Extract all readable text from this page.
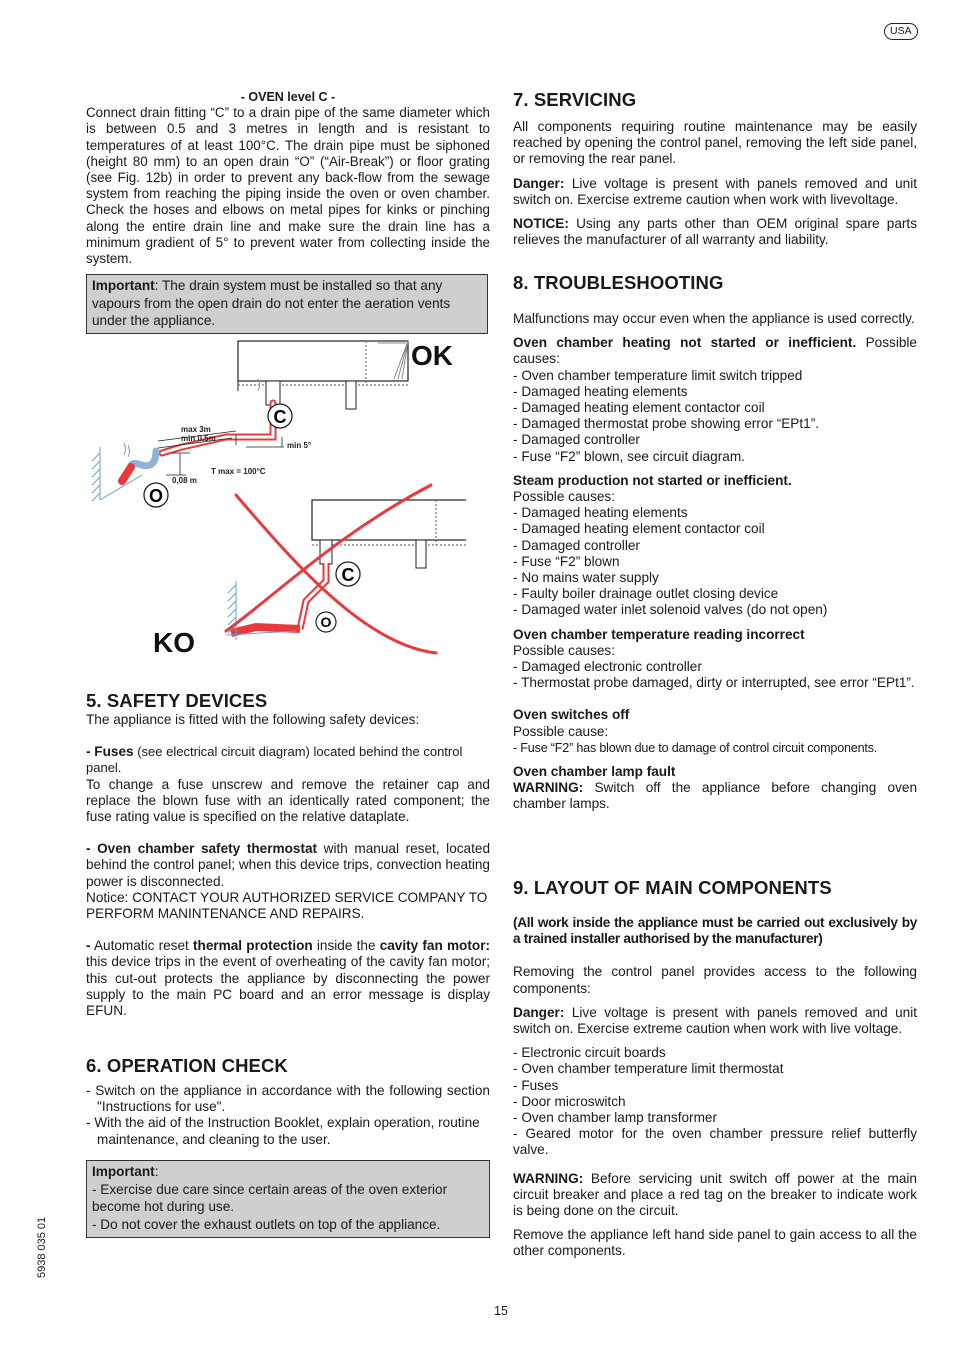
USA

- OVEN level C -

Connect drain fitting “C” to a drain pipe of the same diameter which is between 0.5 and 3 metres in length and is resistant to temperatures of at least 100°C. The drain pipe must be siphoned (height 80 mm) to an open drain “O” (“Air-Break”) or floor grating (see Fig. 12b) in order to prevent any back-flow from the sewage system from reaching the piping inside the oven or oven chamber. Check the hoses and elbows on metal pipes for kinks or pinching along the entire drain line and make sure the drain line has a minimum gradient of 5° to prevent water from collecting inside the system.

Important: The drain system must be installed so that any vapours from the open drain do not enter the aeration vents under the appliance.
OK
max 3m
min 0,5m
min 5°
T max = 100°C
0,08 m
C
O
C
O
KO
5. SAFETY DEVICES

The appliance is fitted with the following safety devices:

- Fuses (see electrical circuit diagram) located behind the control panel.

To change a fuse unscrew and remove the retainer cap and replace the blown fuse with an identically rated component; the fuse rating value is specified on the relative dataplate.

- Oven chamber safety thermostat with manual reset, located behind the control panel; when this device trips, convection heating power is disconnected.

Notice: CONTACT YOUR AUTHORIZED SERVICE COMPANY TO PERFORM MANINTENANCE AND REPAIRS.

- Automatic reset thermal protection inside the cavity fan motor: this device trips in the event of overheating of the cavity fan motor; this cut-out protects the appliance by disconnecting the power supply to the main PC board and an error message is display EFUN.

6. OPERATION CHECK
- Switch on the appliance in accordance with the following section "Instructions for use".
- With the aid of the Instruction Booklet, explain operation, routine maintenance, and cleaning to the user.

Important:

- Exercise due care since certain areas of the oven exterior become hot during use.

- Do not cover the exhaust outlets on top of the appliance.

7. SERVICING

All components requiring routine maintenance may be easily reached by opening the control panel, removing the left side panel, or removing the rear panel.

Danger: Live voltage is present with panels removed and unit switch on. Exercise extreme caution when work with livevoltage.

NOTICE: Using any parts other than OEM original spare parts relieves the manufacturer of all warranty and liability.

8. TROUBLESHOOTING

Malfunctions may occur even when the appliance is used correctly.

Oven chamber heating not started or inefficient. Possible causes:

- Oven chamber temperature limit switch tripped
- Damaged heating elements
- Damaged heating element contactor coil
- Damaged thermostat probe showing error “EPt1”.
- Damaged controller
- Fuse “F2” blown, see circuit diagram.

Steam production not started or inefficient.

Possible causes:

- Damaged heating elements
- Damaged heating element contactor coil
- Damaged controller
- Fuse “F2” blown
- No mains water supply
- Faulty boiler drainage outlet closing device
- Damaged water inlet solenoid valves (do not open)

Oven chamber temperature reading incorrect

Possible causes:

- Damaged electronic controller
- Thermostat probe damaged, dirty or interrupted, see error “EPt1”.

Oven switches off

Possible cause:

- Fuse “F2” has blown due to damage of control circuit components.

Oven chamber lamp fault

WARNING: Switch off the appliance before changing oven chamber lamps.

9. LAYOUT OF MAIN COMPONENTS

(All work inside the appliance must be carried out exclusively by a trained installer authorised by the manufacturer)

Removing the control panel provides access to the following components:

Danger: Live voltage is present with panels removed and unit switch on. Exercise extreme caution when work with live voltage.

- Electronic circuit boards
- Oven chamber temperature limit thermostat
- Fuses
- Door microswitch
- Oven chamber lamp transformer
- Geared motor for the oven chamber pressure relief butterfly valve.

WARNING: Before servicing unit switch off power at the main circuit breaker and place a red tag on the breaker to indicate work is being done on the circuit.

Remove the appliance left hand side panel to gain access to all the other components.

5938 035 01
15
